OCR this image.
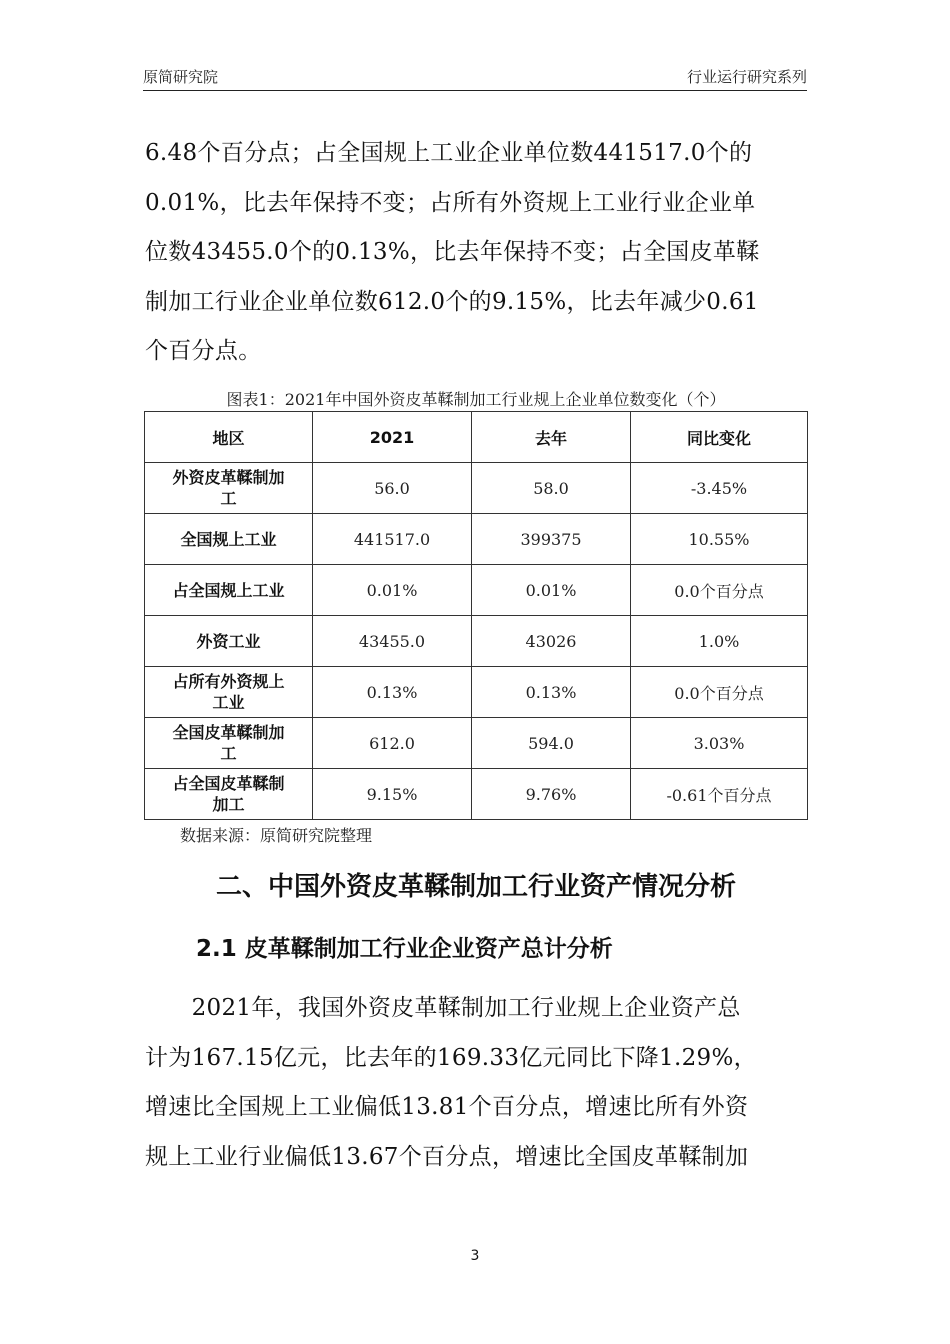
原简研究院	行业运行研究系列

6.48个百分点；占全国规上工业企业单位数441517.0个的

0.01%，比去年保持不变；占所有外资规上工业行业企业单

位数43455.0个的0.13%，比去年保持不变；占全国皮革鞣

制加工行业企业单位数612.0个的9.15%，比去年减少0.61

个百分点。

图表1：2021年中国外资皮革鞣制加工行业规上企业单位数变化（个）
地区	2021	去年	同比变化
外资皮革鞣制加
工	56.0	58.0	-3.45%
全国规上工业	441517.0	399375	10.55%
占全国规上工业	0.01%	0.01%	0.0个百分点
外资工业	43455.0	43026	1.0%
占所有外资规上
工业	0.13%	0.13%	0.0个百分点
全国皮革鞣制加
工	612.0	594.0	3.03%
占全国皮革鞣制
加工	9.15%	9.76%	-0.61个百分点
数据来源：原简研究院整理
二、中国外资皮革鞣制加工行业资产情况分析
2.1 皮革鞣制加工行业企业资产总计分析

　　2021年，我国外资皮革鞣制加工行业规上企业资产总

计为167.15亿元，比去年的169.33亿元同比下降1.29%，

增速比全国规上工业偏低13.81个百分点，增速比所有外资

规上工业行业偏低13.67个百分点，增速比全国皮革鞣制加

3
